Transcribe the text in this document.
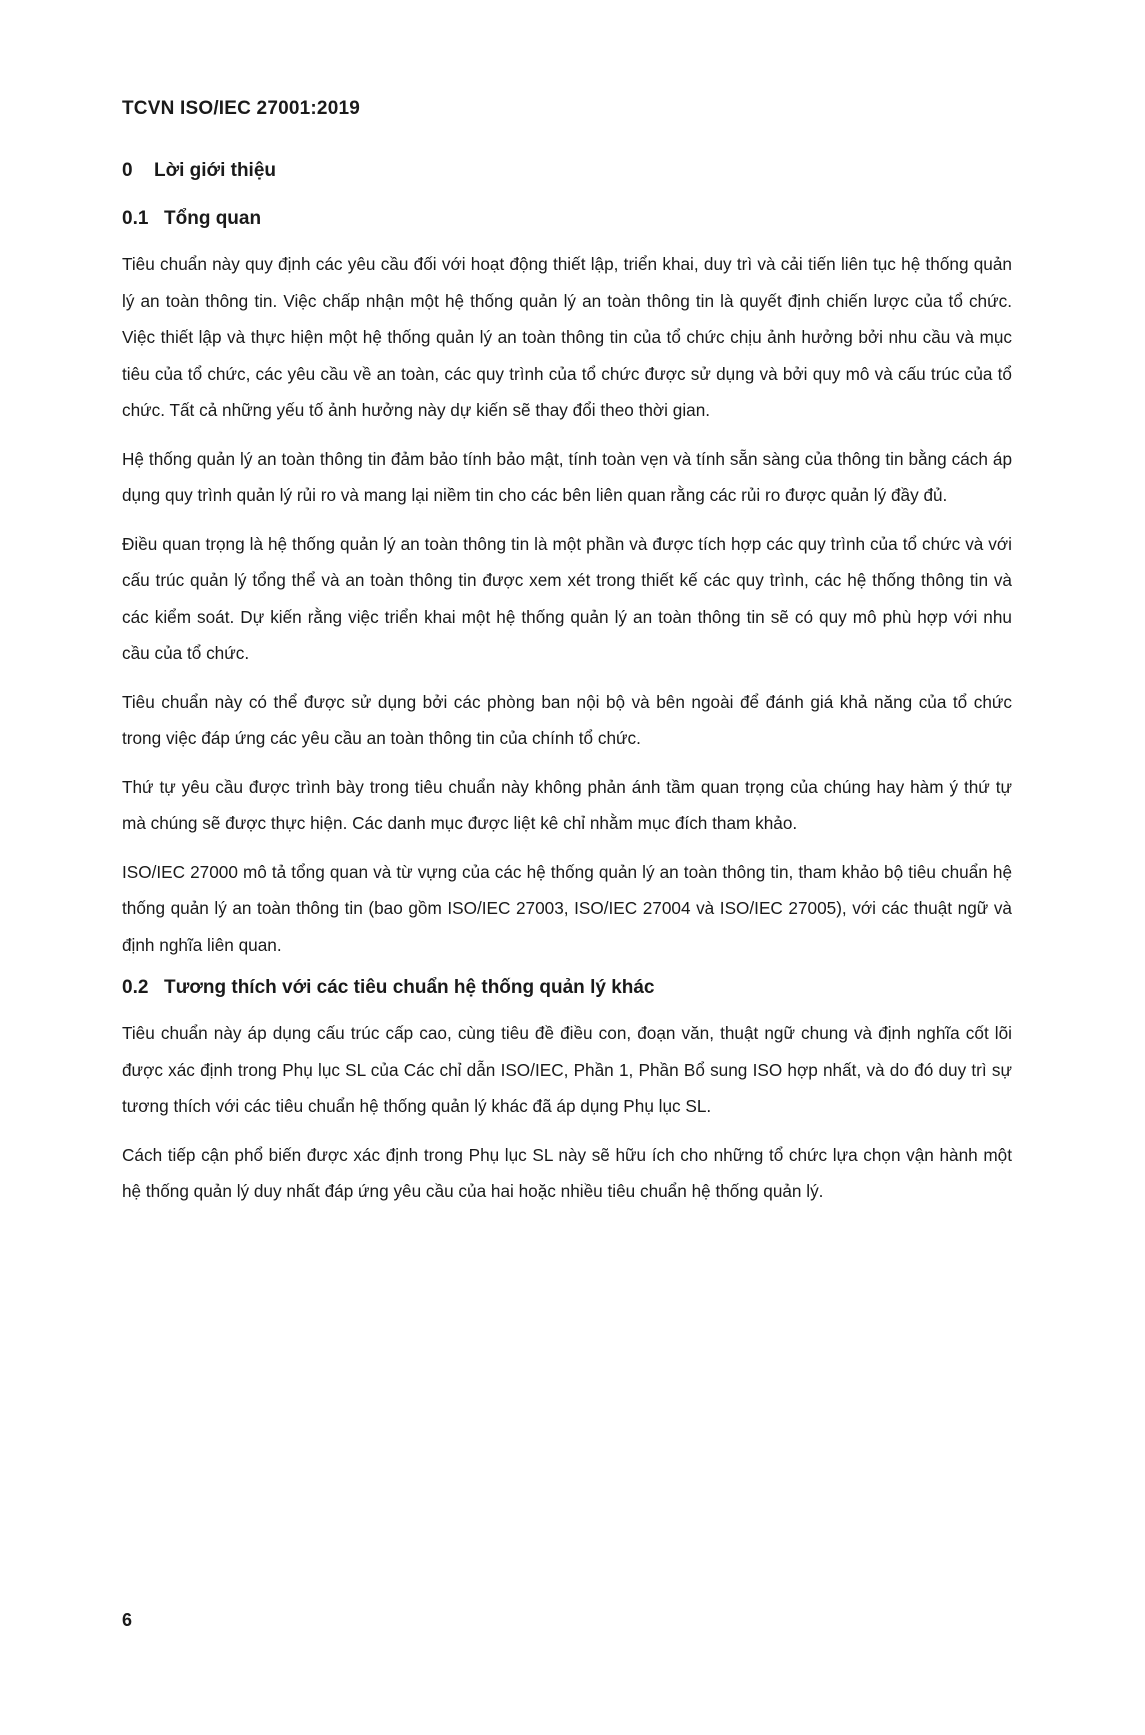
TCVN ISO/IEC 27001:2019
0 Lời giới thiệu
0.1 Tổng quan

Tiêu chuẩn này quy định các yêu cầu đối với hoạt động thiết lập, triển khai, duy trì và cải tiến liên tục hệ thống quản lý an toàn thông tin. Việc chấp nhận một hệ thống quản lý an toàn thông tin là quyết định chiến lược của tổ chức. Việc thiết lập và thực hiện một hệ thống quản lý an toàn thông tin của tổ chức chịu ảnh hưởng bởi nhu cầu và mục tiêu của tổ chức, các yêu cầu về an toàn, các quy trình của tổ chức được sử dụng và bởi quy mô và cấu trúc của tổ chức. Tất cả những yếu tố ảnh hưởng này dự kiến sẽ thay đổi theo thời gian.

Hệ thống quản lý an toàn thông tin đảm bảo tính bảo mật, tính toàn vẹn và tính sẵn sàng của thông tin bằng cách áp dụng quy trình quản lý rủi ro và mang lại niềm tin cho các bên liên quan rằng các rủi ro được quản lý đầy đủ.

Điều quan trọng là hệ thống quản lý an toàn thông tin là một phần và được tích hợp các quy trình của tổ chức và với cấu trúc quản lý tổng thể và an toàn thông tin được xem xét trong thiết kế các quy trình, các hệ thống thông tin và các kiểm soát. Dự kiến rằng việc triển khai một hệ thống quản lý an toàn thông tin sẽ có quy mô phù hợp với nhu cầu của tổ chức.

Tiêu chuẩn này có thể được sử dụng bởi các phòng ban nội bộ và bên ngoài để đánh giá khả năng của tổ chức trong việc đáp ứng các yêu cầu an toàn thông tin của chính tổ chức.

Thứ tự yêu cầu được trình bày trong tiêu chuẩn này không phản ánh tầm quan trọng của chúng hay hàm ý thứ tự mà chúng sẽ được thực hiện. Các danh mục được liệt kê chỉ nhằm mục đích tham khảo.

ISO/IEC 27000 mô tả tổng quan và từ vựng của các hệ thống quản lý an toàn thông tin, tham khảo bộ tiêu chuẩn hệ thống quản lý an toàn thông tin (bao gồm ISO/IEC 27003, ISO/IEC 27004 và ISO/IEC 27005), với các thuật ngữ và định nghĩa liên quan.

0.2 Tương thích với các tiêu chuẩn hệ thống quản lý khác

Tiêu chuẩn này áp dụng cấu trúc cấp cao, cùng tiêu đề điều con, đoạn văn, thuật ngữ chung và định nghĩa cốt lõi được xác định trong Phụ lục SL của Các chỉ dẫn ISO/IEC, Phần 1, Phần Bổ sung ISO hợp nhất, và do đó duy trì sự tương thích với các tiêu chuẩn hệ thống quản lý khác đã áp dụng Phụ lục SL.

Cách tiếp cận phổ biến được xác định trong Phụ lục SL này sẽ hữu ích cho những tổ chức lựa chọn vận hành một hệ thống quản lý duy nhất đáp ứng yêu cầu của hai hoặc nhiều tiêu chuẩn hệ thống quản lý.

6
